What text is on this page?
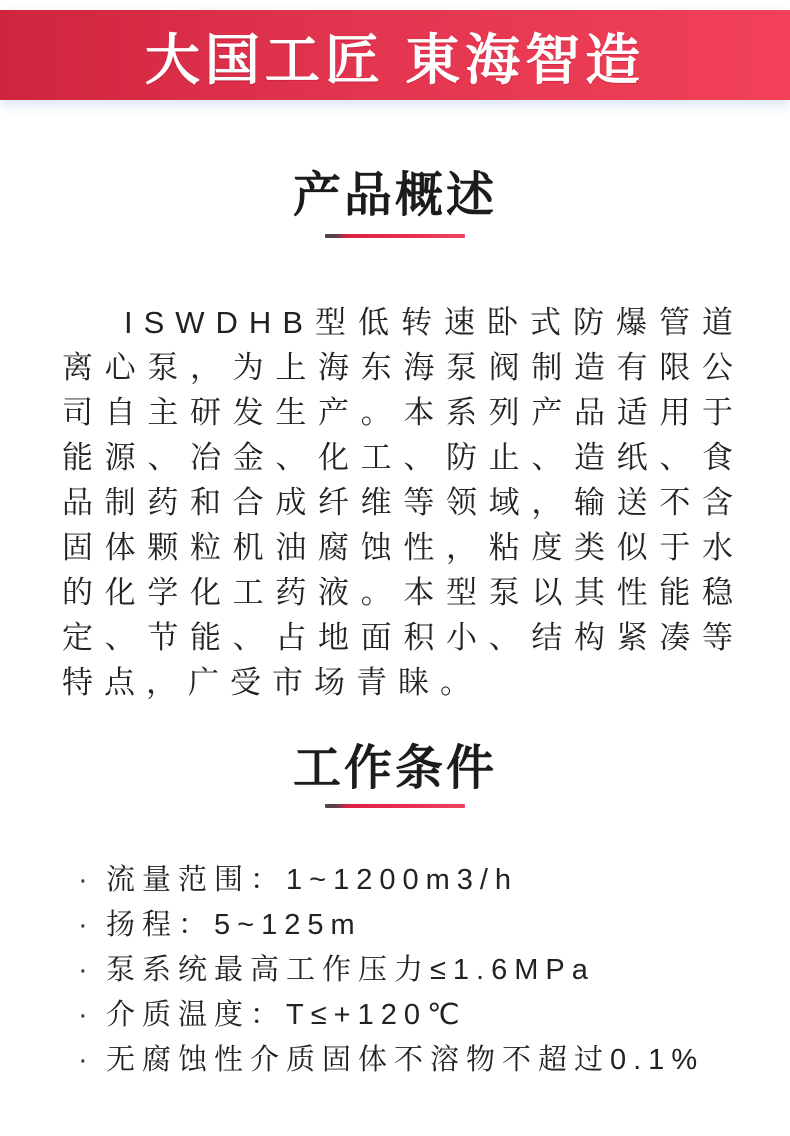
大国工匠 東海智造
产品概述

ISWDHB型低转速卧式防爆管道离心泵，为上海东海泵阀制造有限公司自主研发生产。本系列产品适用于能源、冶金、化工、防止、造纸、食品制药和合成纤维等领域，输送不含固体颗粒机油腐蚀性，粘度类似于水的化学化工药液。本型泵以其性能稳定、节能、占地面积小、结构紧凑等特点，广受市场青睐。

工作条件
· 流量范围：1~1200m3/h
· 扬程：5~125m
· 泵系统最高工作压力≤1.6MPa
· 介质温度：T≤+120℃
· 无腐蚀性介质固体不溶物不超过0.1%
